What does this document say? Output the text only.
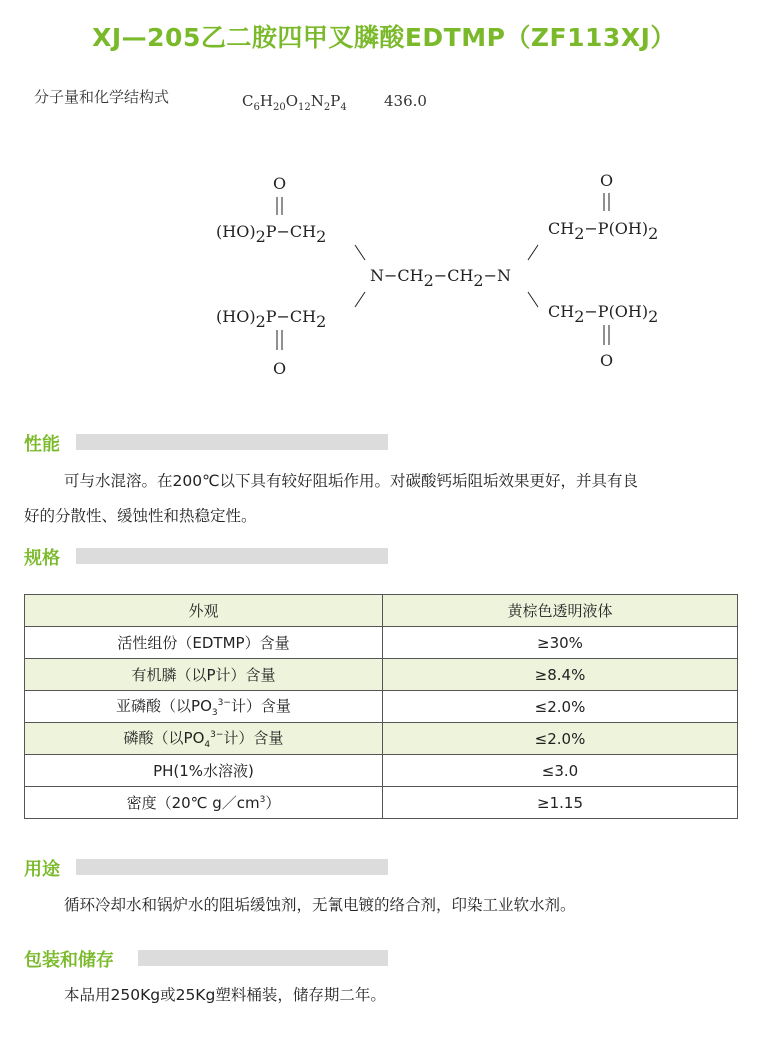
XJ—205乙二胺四甲叉膦酸EDTMP（ZF113XJ）
分子量和化学结构式	$C_6H_{20}O_{12}N_2P_4$ 436.0
O
(HO)2P−CH2
(HO)2P−CH2
O
N−CH2−CH2−N
O
CH2−P(OH)2
CH2−P(OH)2
O
性能
可与水混溶。在200℃以下具有较好阻垢作用。对碳酸钙垢阻垢效果更好，并具有良
好的分散性、缓蚀性和热稳定性。
规格
外观	黄棕色透明液体
活性组份（EDTMP）含量	≥30%
有机膦（以P计）含量	≥8.4%
亚磷酸（以$PO_3^{3-}$计）含量	≤2.0%
磷酸（以$PO_4^{3-}$计）含量	≤2.0%
PH(1%水溶液)	≤3.0
密度（20℃ $g/cm^3$）	≥1.15
用途
循环冷却水和锅炉水的阻垢缓蚀剂，无氰电镀的络合剂，印染工业软水剂。
包装和储存
本品用250Kg或25Kg塑料桶装，储存期二年。
